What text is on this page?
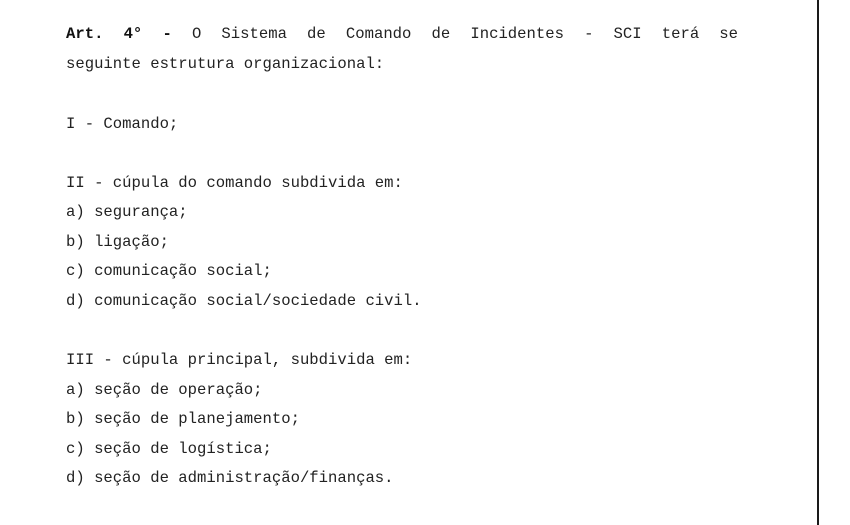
Art. 4° - O Sistema de Comando de Incidentes - SCI terá se
seguinte estrutura organizacional:
I - Comando;
II - cúpula do comando subdivida em:
a) segurança;
b) ligação;
c) comunicação social;
d) comunicação social/sociedade civil.
III - cúpula principal, subdivida em:
a) seção de operação;
b) seção de planejamento;
c) seção de logística;
d) seção de administração/finanças.
